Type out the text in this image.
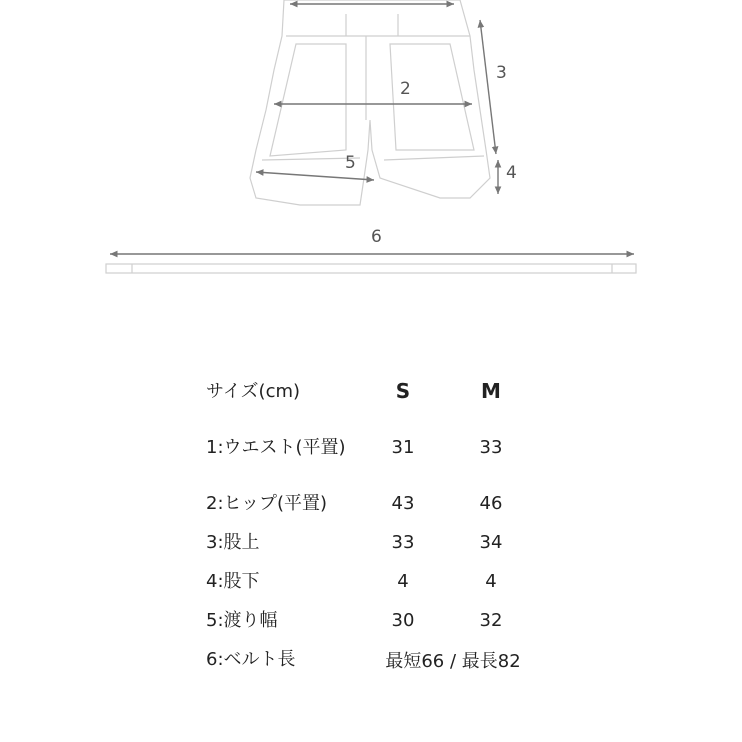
2
3
4
5
6
サイズ(cm)	S	M
1:ウエスト(平置)	31	33
2:ヒップ(平置)	43	46
3:股上	33	34
4:股下	4	4
5:渡り幅	30	32
6:ベルト長	最短66 / 最長82	
